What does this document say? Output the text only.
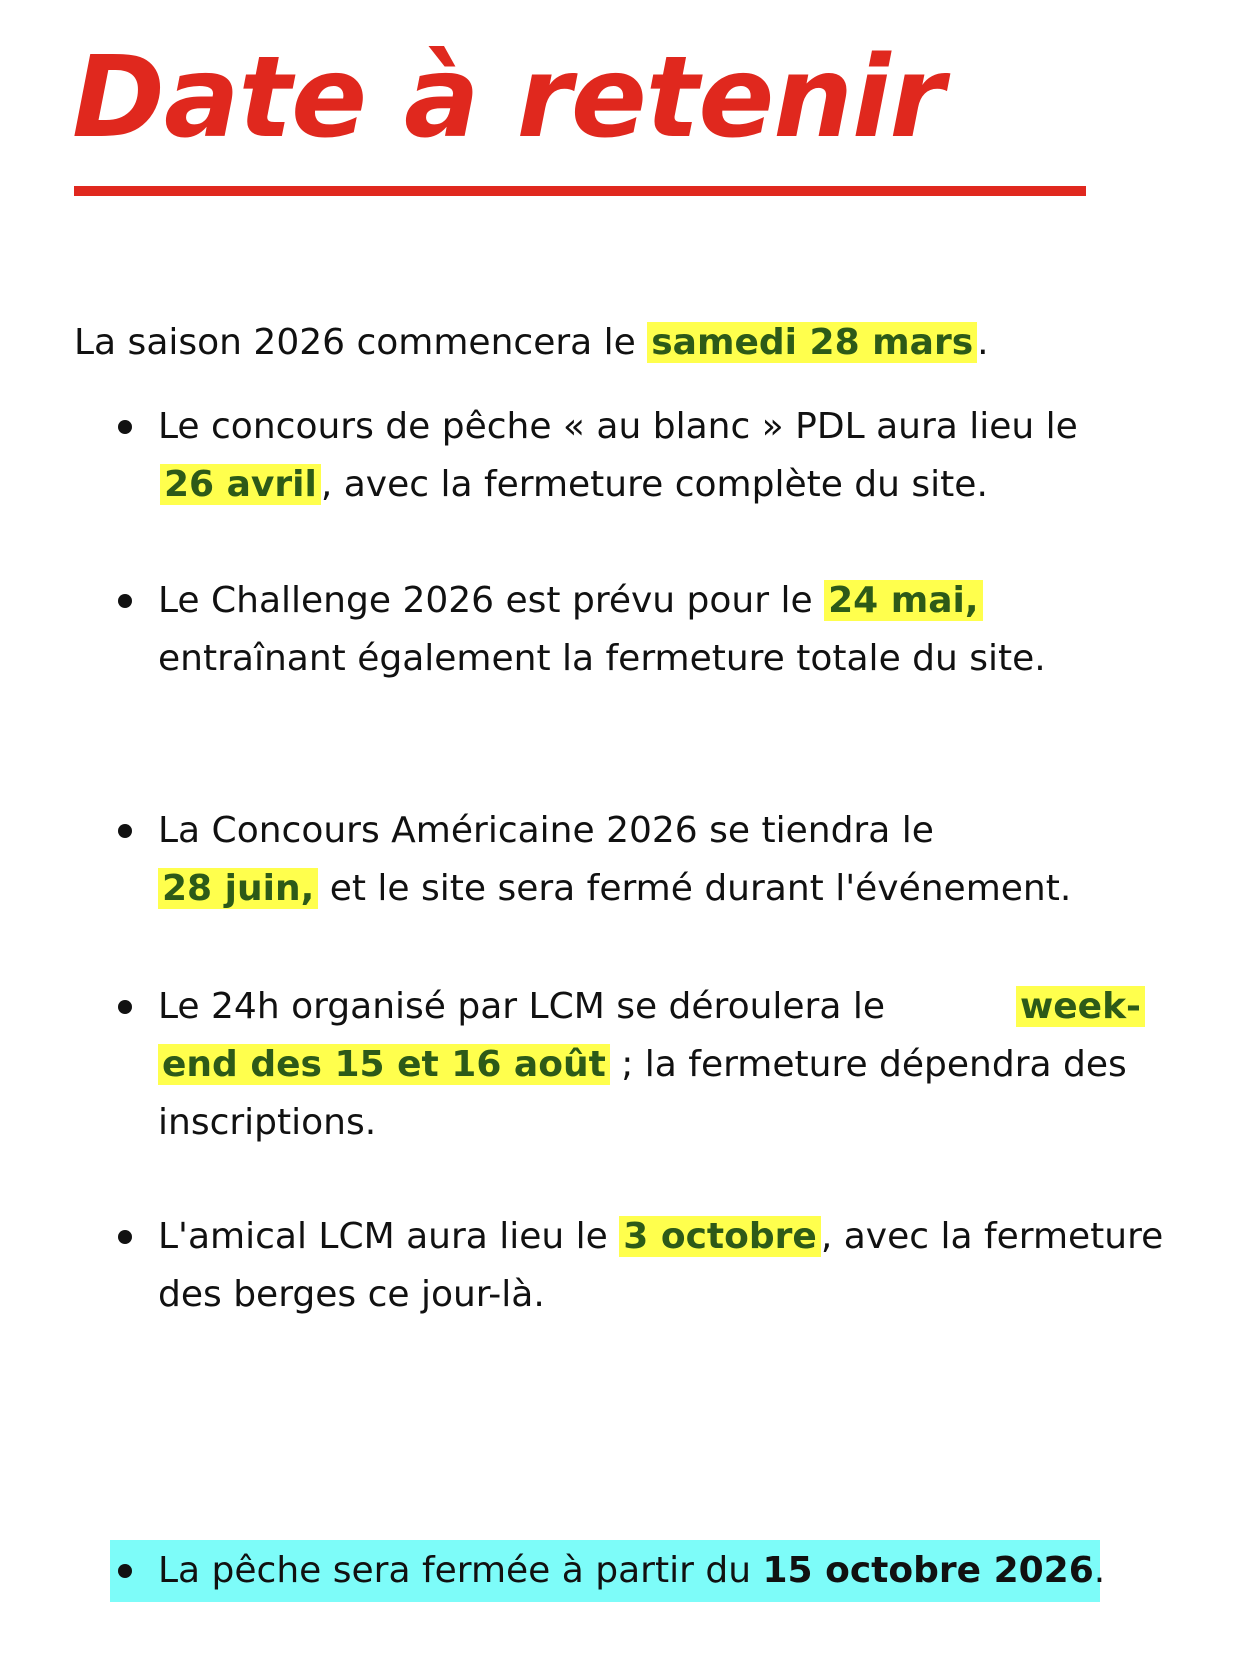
Date à retenir

La saison 2026 commencera le samedi 28 mars .

Le concours de pêche « au blanc » PDL aura lieu le
26 avril , avec la fermeture complète du site.
Le Challenge 2026 est prévu pour le 24 mai,
entraînant également la fermeture totale du site.
La Concours Américaine 2026 se tiendra le
28 juin, et le site sera fermé durant l'événement.
Le 24h organisé par LCM se déroulera le	week-
end des 15 et 16 août ; la fermeture dépendra des
inscriptions.
L'amical LCM aura lieu le 3 octobre , avec la fermeture
des berges ce jour-là.
La pêche sera fermée à partir du 15 octobre 2026.
